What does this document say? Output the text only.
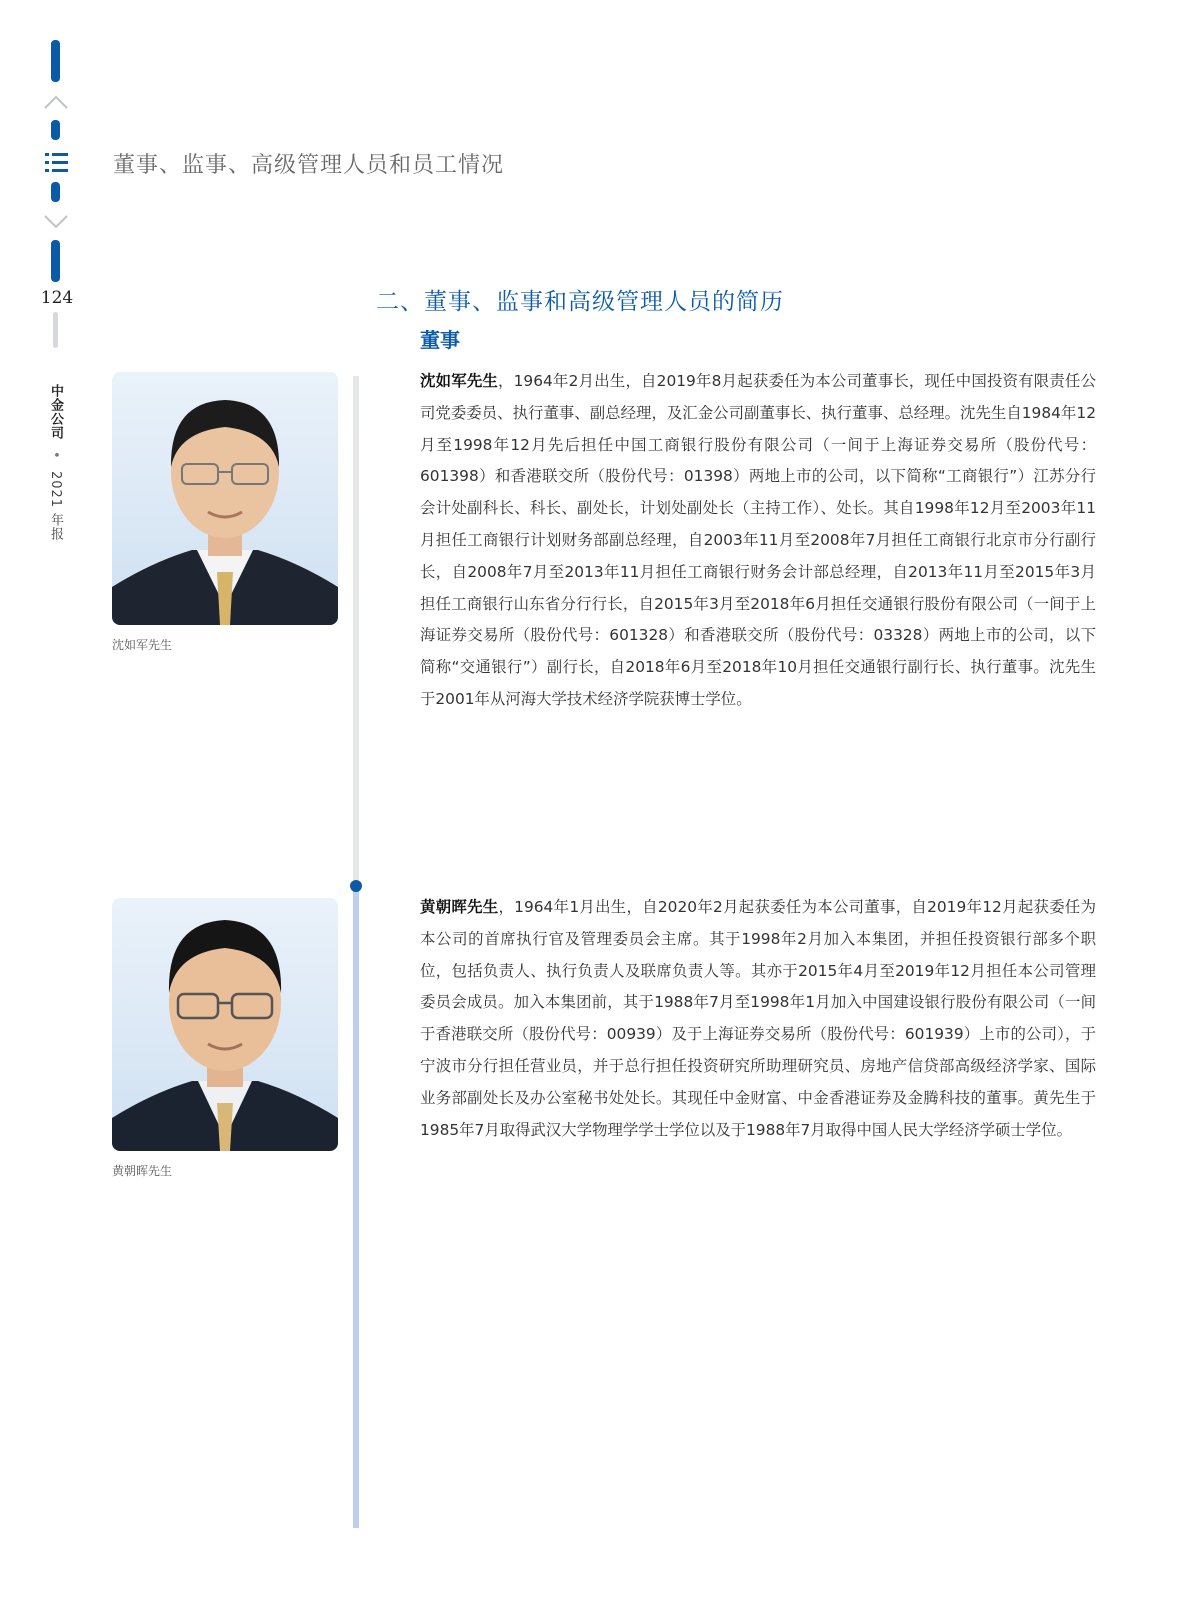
124
中金公司 • 2021 年报
董事、监事、高级管理人员和员工情况
二、董事、监事和高级管理人员的简历
董事
沈如军先生

沈如军先生，1964年2月出生，自2019年8月起获委任为本公司董事长，现任中国投资有限责任公司党委委员、执行董事、副总经理，及汇金公司副董事长、执行董事、总经理。沈先生自1984年12月至1998年12月先后担任中国工商银行股份有限公司（一间于上海证券交易所（股份代号：601398）和香港联交所（股份代号：01398）两地上市的公司，以下简称“工商银行”）江苏分行会计处副科长、科长、副处长，计划处副处长（主持工作）、处长。其自1998年12月至2003年11月担任工商银行计划财务部副总经理，自2003年11月至2008年7月担任工商银行北京市分行副行长，自2008年7月至2013年11月担任工商银行财务会计部总经理，自2013年11月至2015年3月担任工商银行山东省分行行长，自2015年3月至2018年6月担任交通银行股份有限公司（一间于上海证券交易所（股份代号：601328）和香港联交所（股份代号：03328）两地上市的公司，以下简称“交通银行”）副行长，自2018年6月至2018年10月担任交通银行副行长、执行董事。沈先生于2001年从河海大学技术经济学院获博士学位。

黄朝晖先生

黄朝晖先生，1964年1月出生，自2020年2月起获委任为本公司董事，自2019年12月起获委任为本公司的首席执行官及管理委员会主席。其于1998年2月加入本集团，并担任投资银行部多个职位，包括负责人、执行负责人及联席负责人等。其亦于2015年4月至2019年12月担任本公司管理委员会成员。加入本集团前，其于1988年7月至1998年1月加入中国建设银行股份有限公司（一间于香港联交所（股份代号：00939）及于上海证券交易所（股份代号：601939）上市的公司），于宁波市分行担任营业员，并于总行担任投资研究所助理研究员、房地产信贷部高级经济学家、国际业务部副处长及办公室秘书处处长。其现任中金财富、中金香港证券及金腾科技的董事。黄先生于1985年7月取得武汉大学物理学学士学位以及于1988年7月取得中国人民大学经济学硕士学位。
